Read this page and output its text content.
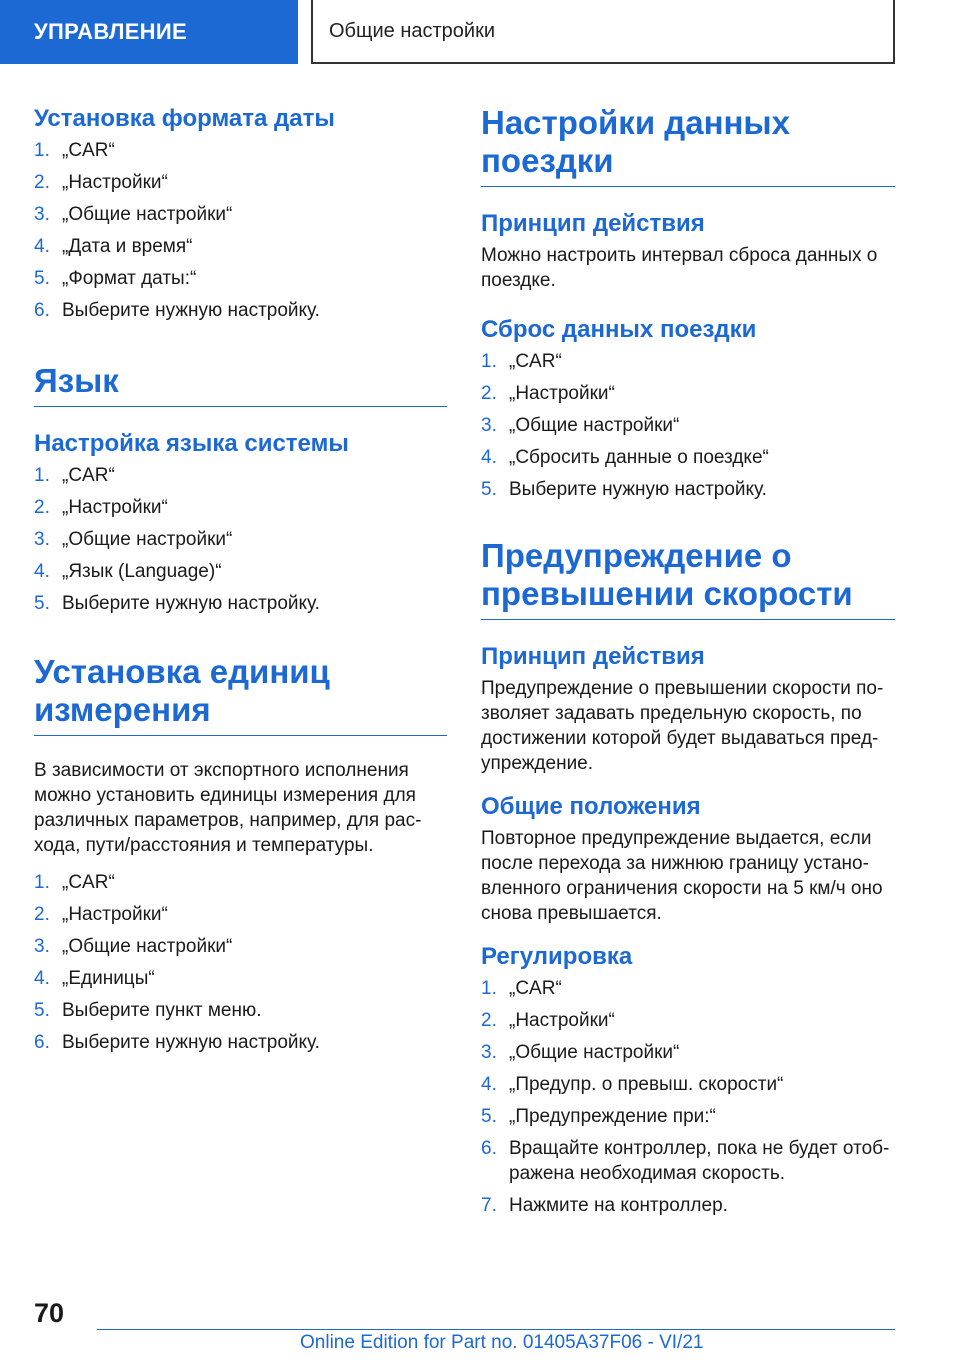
УПРАВЛЕНИЕ	Общие настройки
Установка формата даты
1. „CAR“
2. „Настройки“
3. „Общие настройки“
4. „Дата и время“
5. „Формат даты:“
6. Выберите нужную настройку.
Язык
Настройка языка системы
1. „CAR“
2. „Настройки“
3. „Общие настройки“
4. „Язык (Language)“
5. Выберите нужную настройку.
Установка единиц измерения
В зависимости от экспортного исполнения
можно установить единицы измерения для
различных параметров, например, для рас-
хода, пути/расстояния и температуры.
1. „CAR“
2. „Настройки“
3. „Общие настройки“
4. „Единицы“
5. Выберите пункт меню.
6. Выберите нужную настройку.
Настройки данных поездки
Принцип действия
Можно настроить интервал сброса данных о
поездке.
Сброс данных поездки
1. „CAR“
2. „Настройки“
3. „Общие настройки“
4. „Сбросить данные о поездке“
5. Выберите нужную настройку.
Предупреждение о превышении скорости
Принцип действия
Предупреждение о превышении скорости по-
зволяет задавать предельную скорость, по
достижении которой будет выдаваться пред-
упреждение.
Общие положения
Повторное предупреждение выдается, если
после перехода за нижнюю границу устано-
вленного ограничения скорости на 5 км/ч оно
снова превышается.
Регулировка
1. „CAR“
2. „Настройки“
3. „Общие настройки“
4. „Предупр. о превыш. скорости“
5. „Предупреждение при:“
6. Вращайте контроллер, пока не будет отоб-
ражена необходимая скорость.
7. Нажмите на контроллер.
70
Online Edition for Part no. 01405A37F06 - VI/21
